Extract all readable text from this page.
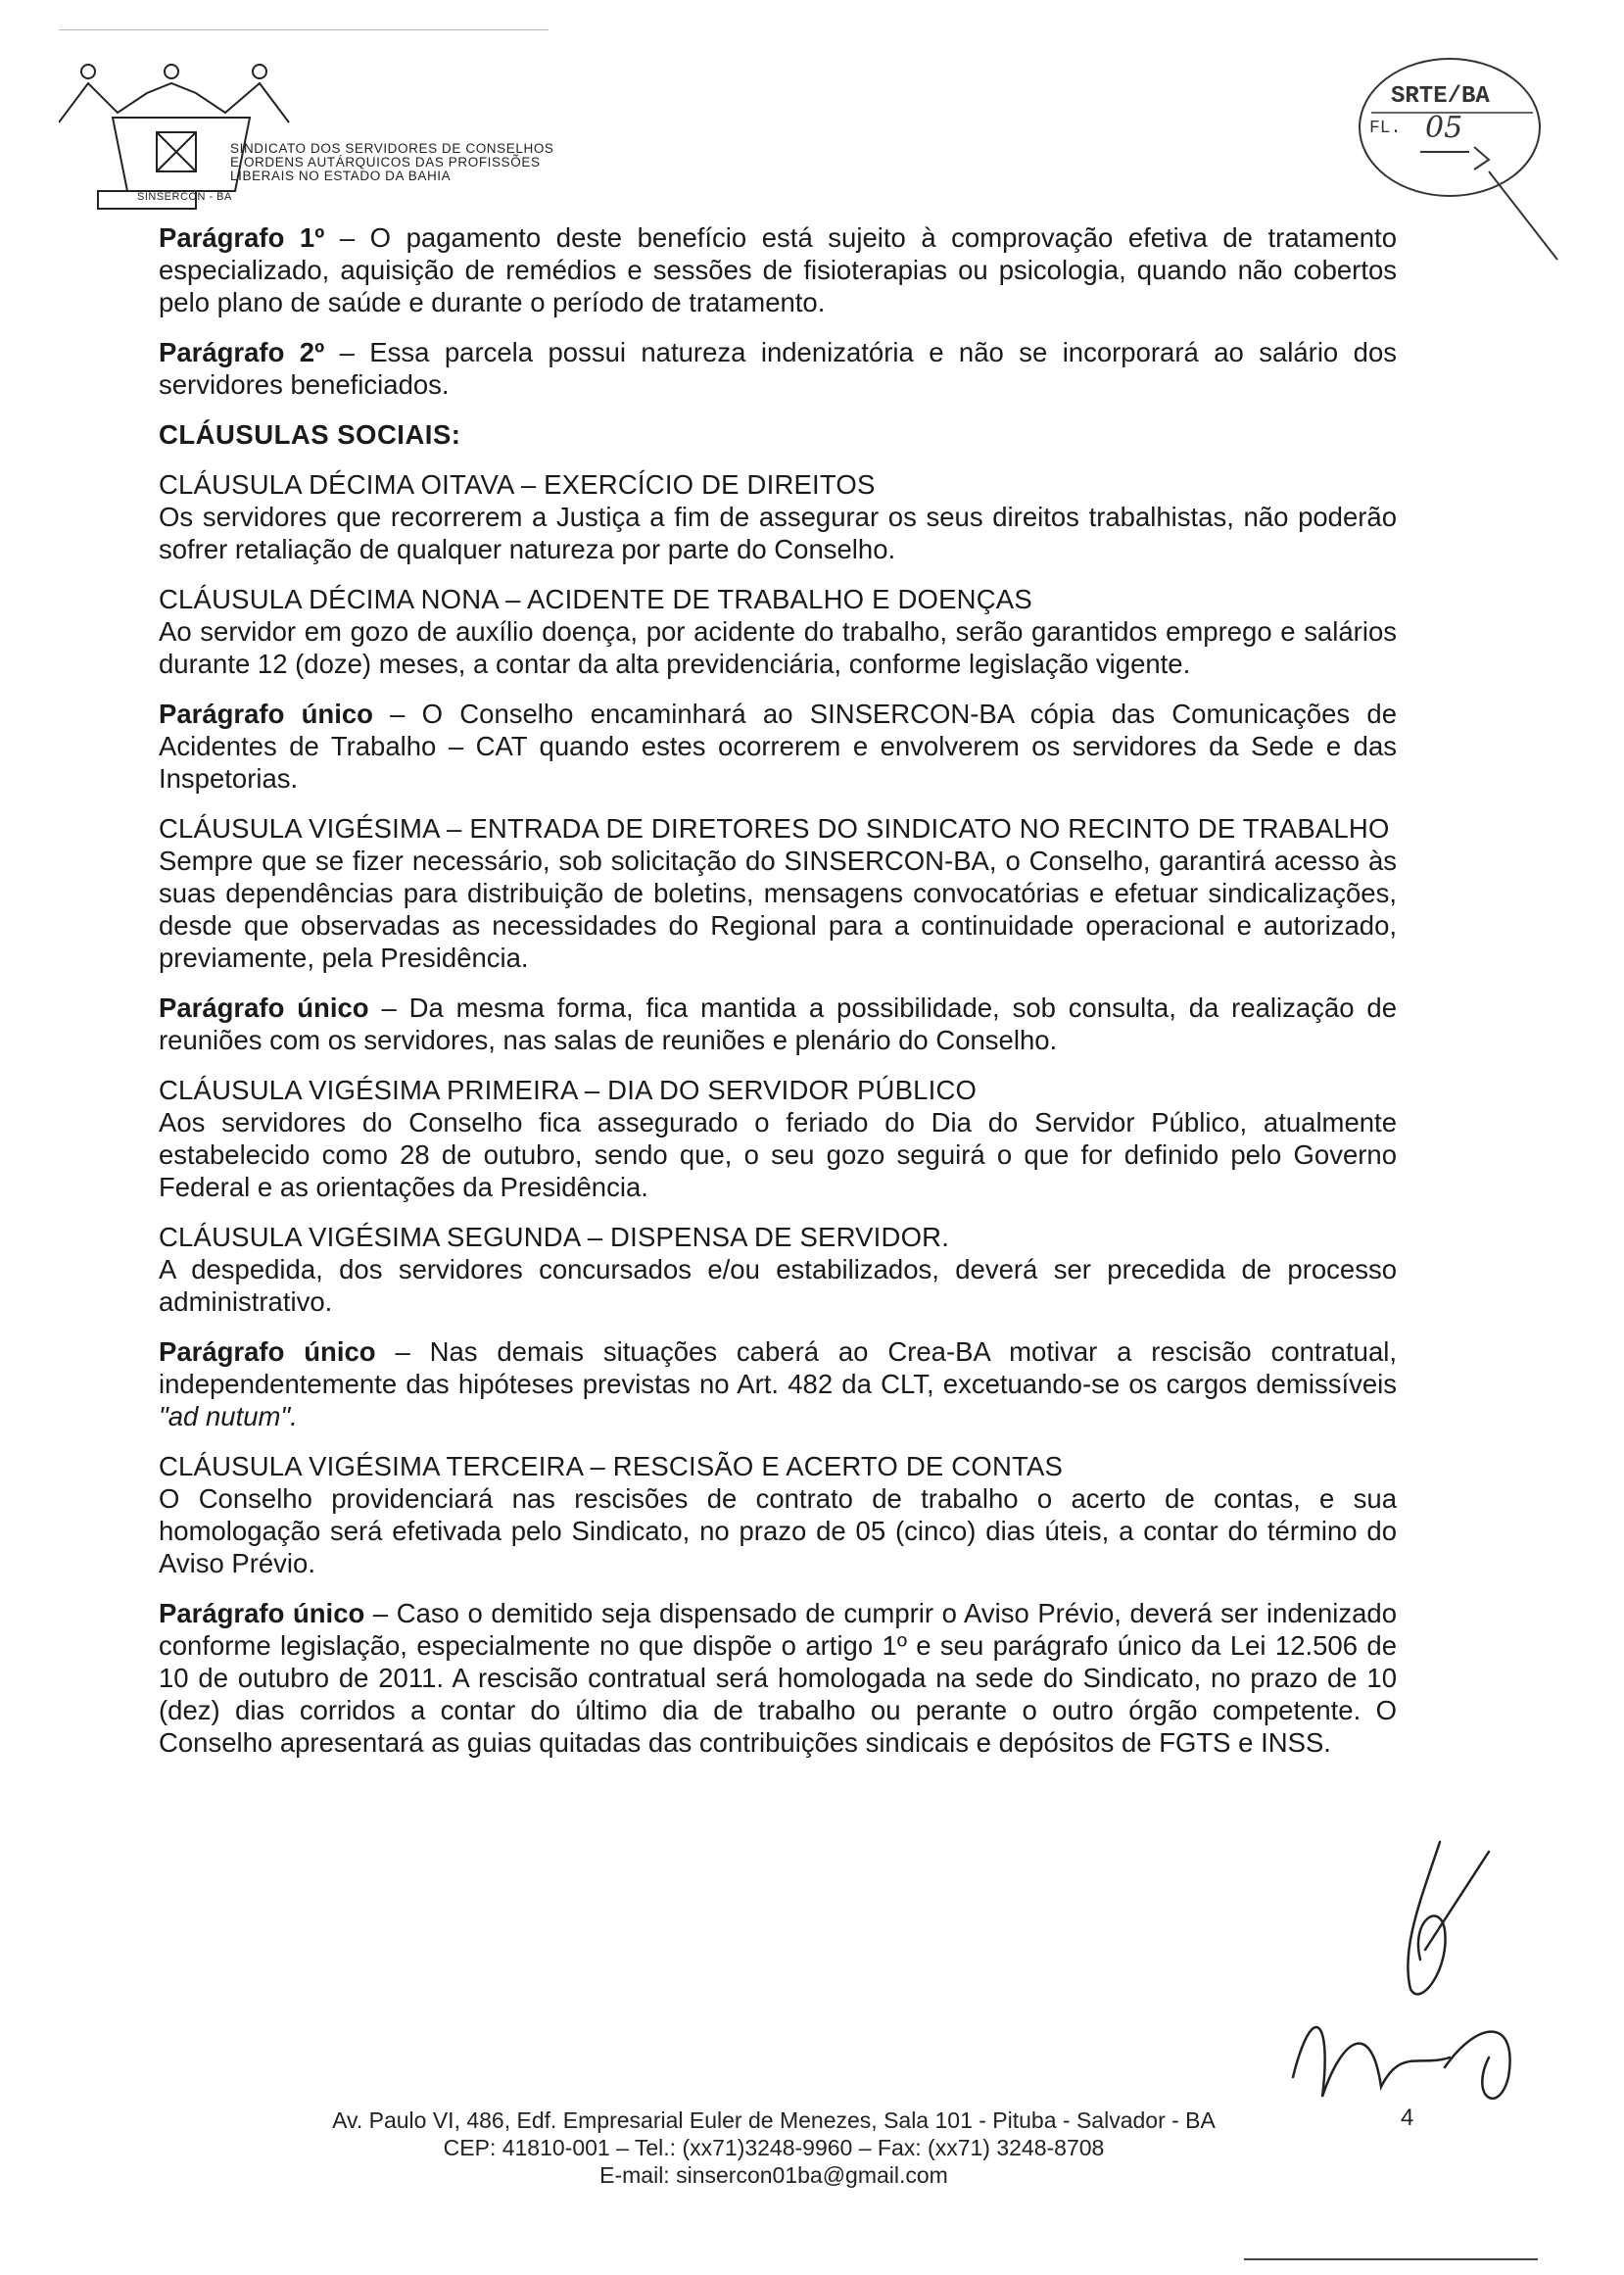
SINDICATO DOS SERVIDORES DE CONSELHOS
E ORDENS AUTÁRQUICOS DAS PROFISSÕES
LIBERAIS NO ESTADO DA BAHIA
SINSERCON - BA
SRTE/BA
FL. 05

Parágrafo 1º – O pagamento deste benefício está sujeito à comprovação efetiva de tratamento especializado, aquisição de remédios e sessões de fisioterapias ou psicologia, quando não cobertos pelo plano de saúde e durante o período de tratamento.

Parágrafo 2º – Essa parcela possui natureza indenizatória e não se incorporará ao salário dos servidores beneficiados.

CLÁUSULAS SOCIAIS:

CLÁUSULA DÉCIMA OITAVA – EXERCÍCIO DE DIREITOS

Os servidores que recorrerem a Justiça a fim de assegurar os seus direitos trabalhistas, não poderão sofrer retaliação de qualquer natureza por parte do Conselho.

CLÁUSULA DÉCIMA NONA – ACIDENTE DE TRABALHO E DOENÇAS

Ao servidor em gozo de auxílio doença, por acidente do trabalho, serão garantidos emprego e salários durante 12 (doze) meses, a contar da alta previdenciária, conforme legislação vigente.

Parágrafo único – O Conselho encaminhará ao SINSERCON-BA cópia das Comunicações de Acidentes de Trabalho – CAT quando estes ocorrerem e envolverem os servidores da Sede e das Inspetorias.

CLÁUSULA VIGÉSIMA – ENTRADA DE DIRETORES DO SINDICATO NO RECINTO DE TRABALHO

Sempre que se fizer necessário, sob solicitação do SINSERCON-BA, o Conselho, garantirá acesso às suas dependências para distribuição de boletins, mensagens convocatórias e efetuar sindicalizações, desde que observadas as necessidades do Regional para a continuidade operacional e autorizado, previamente, pela Presidência.

Parágrafo único – Da mesma forma, fica mantida a possibilidade, sob consulta, da realização de reuniões com os servidores, nas salas de reuniões e plenário do Conselho.

CLÁUSULA VIGÉSIMA PRIMEIRA – DIA DO SERVIDOR PÚBLICO

Aos servidores do Conselho fica assegurado o feriado do Dia do Servidor Público, atualmente estabelecido como 28 de outubro, sendo que, o seu gozo seguirá o que for definido pelo Governo Federal e as orientações da Presidência.

CLÁUSULA VIGÉSIMA SEGUNDA – DISPENSA DE SERVIDOR.

A despedida, dos servidores concursados e/ou estabilizados, deverá ser precedida de processo administrativo.

Parágrafo único – Nas demais situações caberá ao Crea-BA motivar a rescisão contratual, independentemente das hipóteses previstas no Art. 482 da CLT, excetuando-se os cargos demissíveis "ad nutum".

CLÁUSULA VIGÉSIMA TERCEIRA – RESCISÃO E ACERTO DE CONTAS

O Conselho providenciará nas rescisões de contrato de trabalho o acerto de contas, e sua homologação será efetivada pelo Sindicato, no prazo de 05 (cinco) dias úteis, a contar do término do Aviso Prévio.

Parágrafo único – Caso o demitido seja dispensado de cumprir o Aviso Prévio, deverá ser indenizado conforme legislação, especialmente no que dispõe o artigo 1º e seu parágrafo único da Lei 12.506 de 10 de outubro de 2011. A rescisão contratual será homologada na sede do Sindicato, no prazo de 10 (dez) dias corridos a contar do último dia de trabalho ou perante o outro órgão competente. O Conselho apresentará as guias quitadas das contribuições sindicais e depósitos de FGTS e INSS.

Av. Paulo VI, 486, Edf. Empresarial Euler de Menezes, Sala 101 - Pituba - Salvador - BA
CEP: 41810-001 – Tel.: (xx71)3248-9960 – Fax: (xx71) 3248-8708
E-mail: sinsercon01ba@gmail.com
4
